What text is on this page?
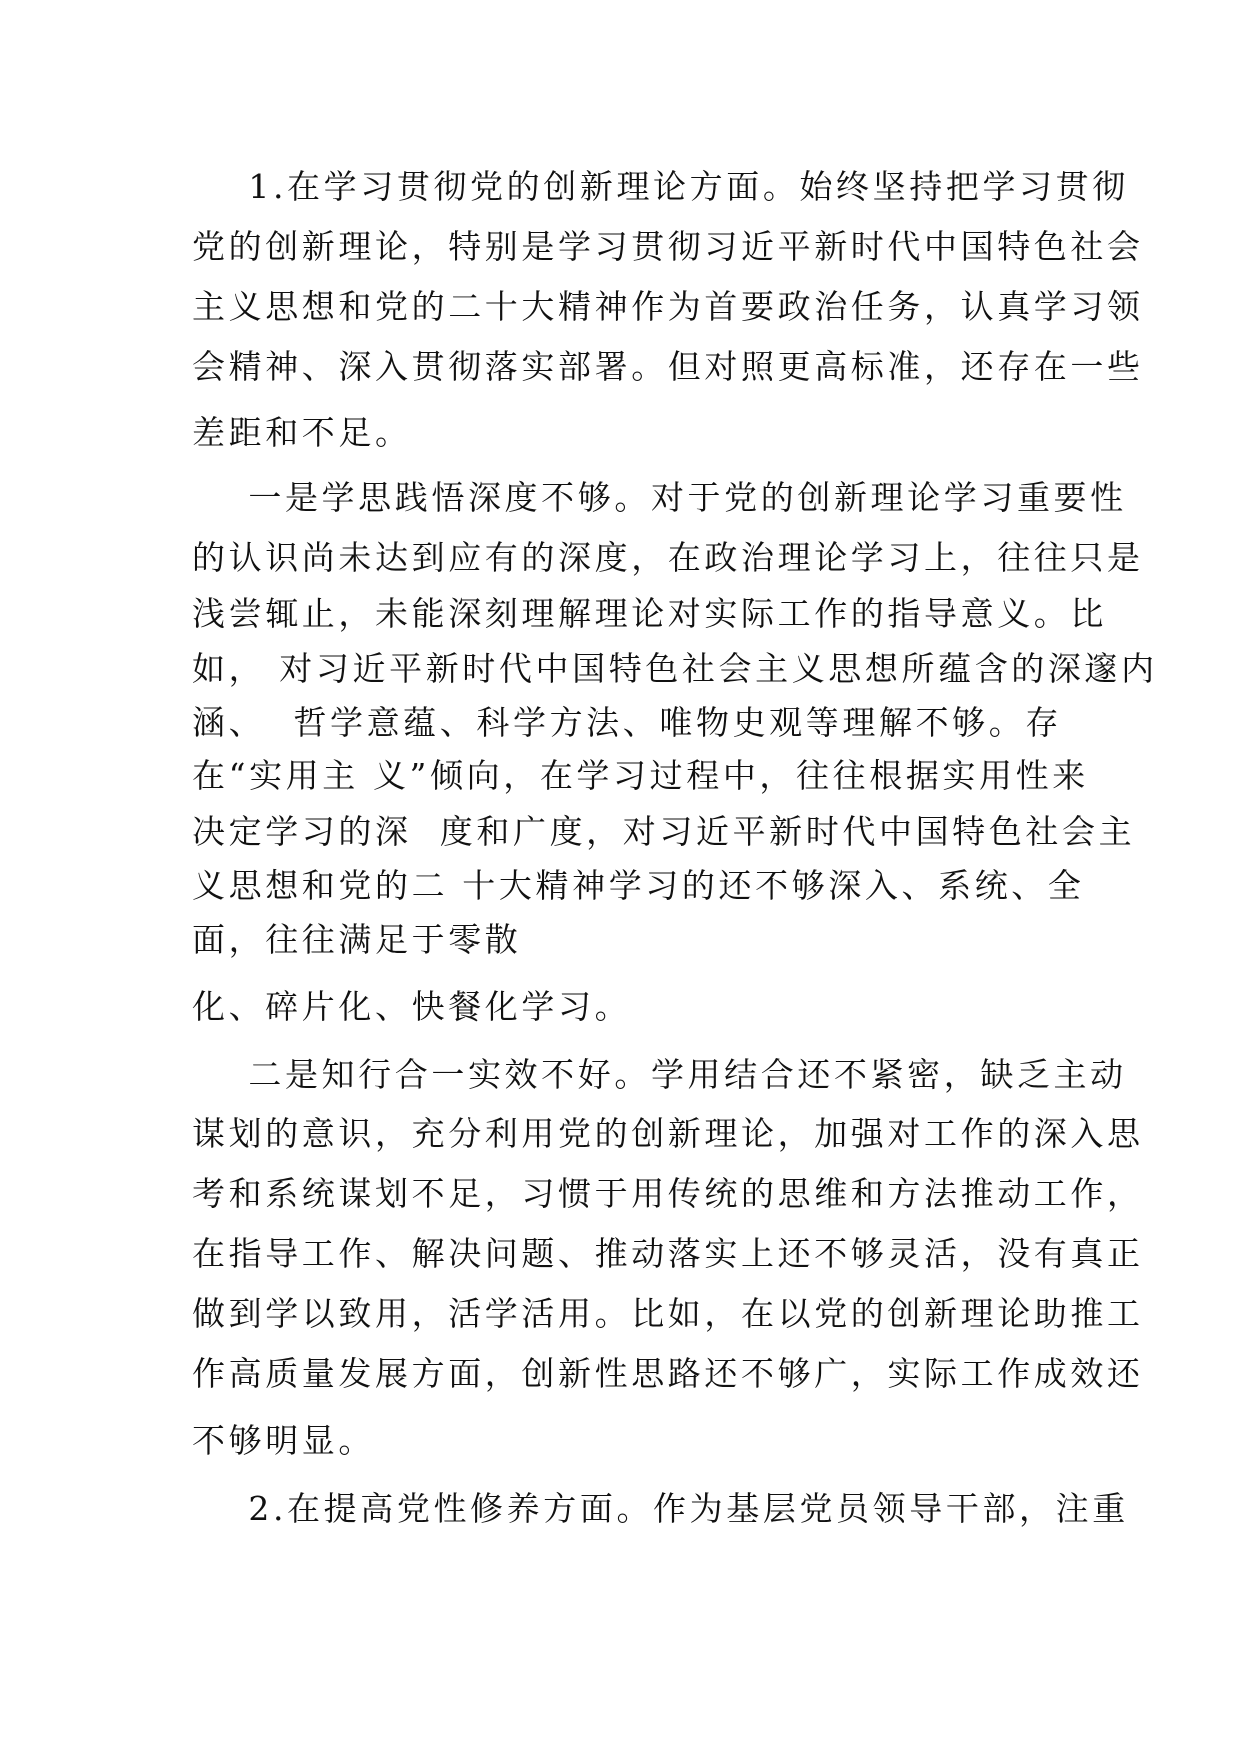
1.在学习贯彻党的创新理论方面。始终坚持把学习贯彻

党的创新理论，特别是学习贯彻习近平新时代中国特色社会

主义思想和党的二十大精神作为首要政治任务，认真学习领

会精神、深入贯彻落实部署。但对照更高标准，还存在一些

差距和不足。

一是学思践悟深度不够。对于党的创新理论学习重要性

的认识尚未达到应有的深度，在政治理论学习上，往往只是

浅尝辄止，未能深刻理解理论对实际工作的指导意义。比

如， 对习近平新时代中国特色社会主义思想所蕴含的深邃内

涵、  哲学意蕴、科学方法、唯物史观等理解不够。存

在“实用主 义”倾向，在学习过程中，往往根据实用性来

决定学习的深  度和广度，对习近平新时代中国特色社会主

义思想和党的二 十大精神学习的还不够深入、系统、全

面，往往满足于零散

化、碎片化、快餐化学习。

二是知行合一实效不好。学用结合还不紧密，缺乏主动

谋划的意识，充分利用党的创新理论，加强对工作的深入思

考和系统谋划不足，习惯于用传统的思维和方法推动工作，

在指导工作、解决问题、推动落实上还不够灵活，没有真正

做到学以致用，活学活用。比如，在以党的创新理论助推工

作高质量发展方面，创新性思路还不够广，实际工作成效还

不够明显。

2.在提高党性修养方面。作为基层党员领导干部，注重
